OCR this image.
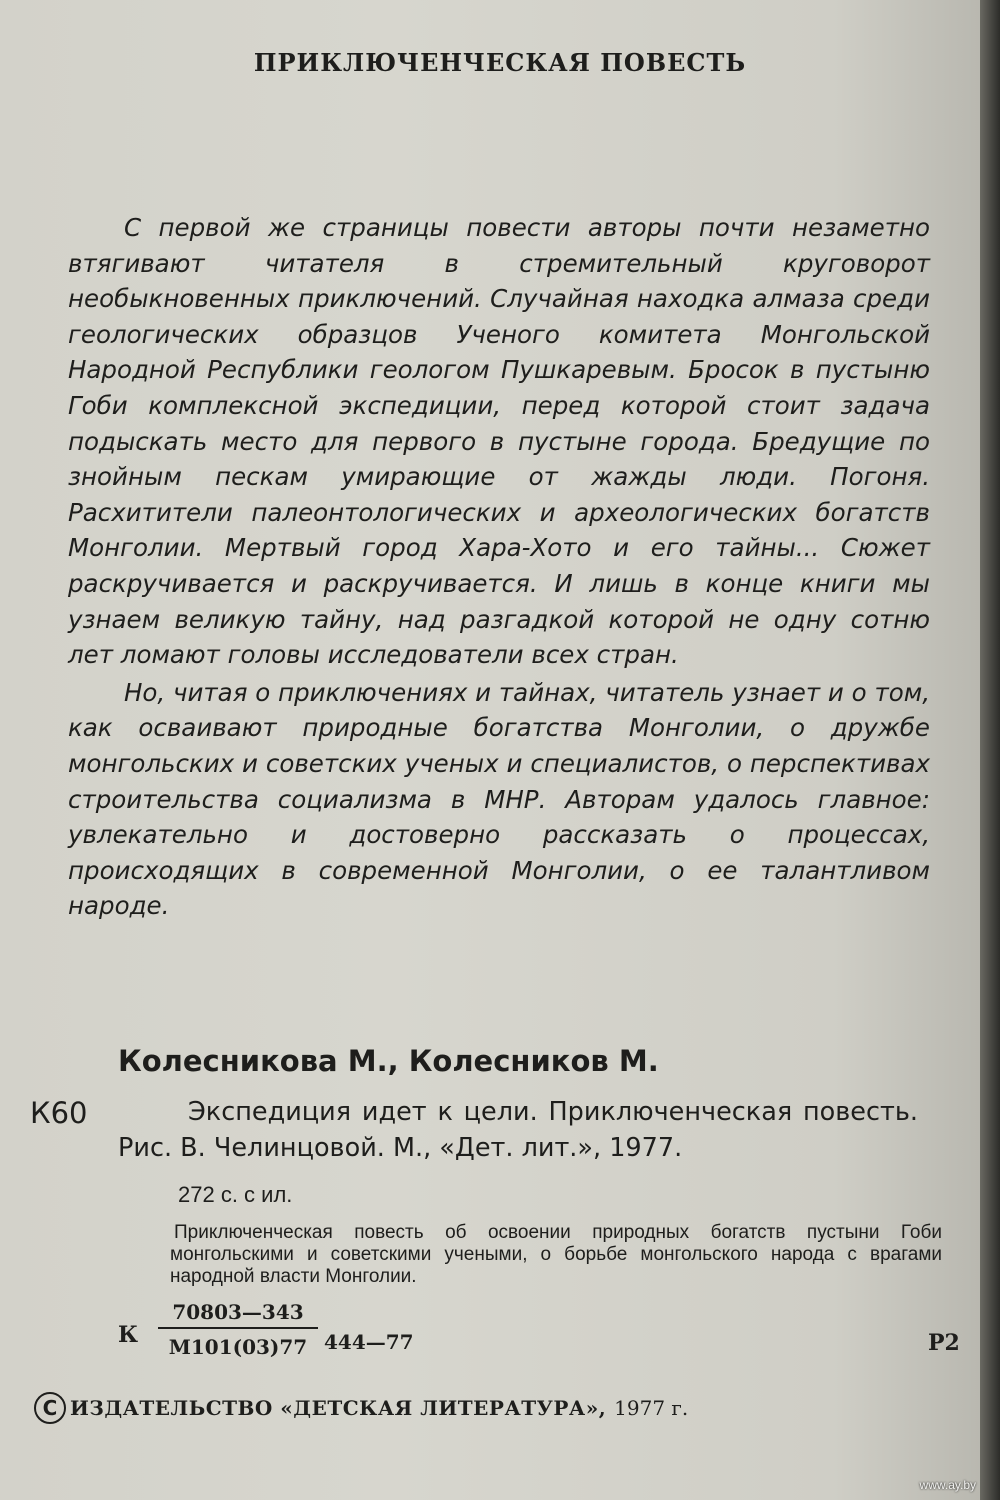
ПРИКЛЮЧЕНЧЕСКАЯ ПОВЕСТЬ

С первой же страницы повести авторы почти незаметно втягивают читателя в стремительный круговорот необыкновенных приключений. Случайная находка алмаза среди геологических образцов Ученого комитета Монгольской Народной Республики геологом Пушкаревым. Бросок в пустыню Гоби комплексной экспедиции, перед которой стоит задача подыскать место для первого в пустыне города. Бредущие по знойным пескам умирающие от жажды люди. Погоня. Расхитители палеонтологических и археологических богатств Монголии. Мертвый город Хара-Хото и его тайны... Сюжет раскручивается и раскручивается. И лишь в конце книги мы узнаем великую тайну, над разгадкой которой не одну сотню лет ломают головы исследователи всех стран.

Но, читая о приключениях и тайнах, читатель узнает и о том, как осваивают природные богатства Монголии, о дружбе монгольских и советских ученых и специалистов, о перспективах строительства социализма в МНР. Авторам удалось главное: увлекательно и достоверно рассказать о процессах, происходящих в современной Монголии, о ее талантливом народе.

Колесникова М., Колесников М.
К60	Экспедиция идет к цели. Приключенческая повесть. Рис. В. Челинцовой. М., «Дет. лит.», 1977.

272 с. с ил.

Приключенческая повесть об освоении природных богатств пустыни Гоби монгольскими и советскими учеными, о борьбе монгольского народа с врагами народной власти Монголии.

К
70803—343
М101(03)77 444—77	Р2
С ИЗДАТЕЛЬСТВО «ДЕТСКАЯ ЛИТЕРАТУРА», 1977 г.
www.ay.by
